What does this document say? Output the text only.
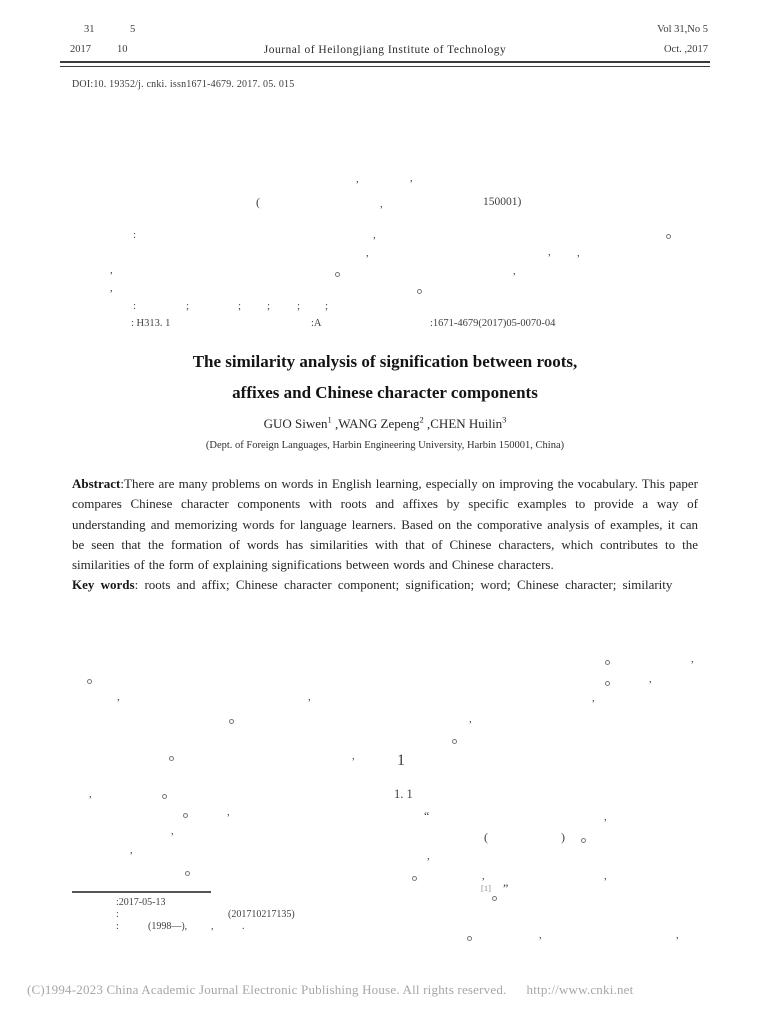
31	5
2017 10	Journal of Heilongjiang Institute of Technology
Vol 31,No 5
Oct. ,2017
DOI:10. 19352/j. cnki. issn1671-4679. 2017. 05. 015
,	,
(	,	150001)
:	,
,	, ,
,	,
,
:	;	; ; ; ;
: H313. 1	:A	:1671-4679(2017)05-0070-04
,	,
,
,
,
,
,
,
,
,
,
1
1. 1
“	,
(	)
,
,	,
[1] ”
,	,
:2017-05-13
:	(201710217135)
:	(1998—), ,	.
The similarity analysis of signification between roots,
affixes and Chinese character components
GUO Siwen$^1$ ,WANG Zepeng$^2$ ,CHEN Huilin$^3$
(Dept. of Foreign Languages, Harbin Engineering University, Harbin 150001, China)

Abstract:There are many problems on words in English learning, especially on improving the vocabulary. This paper compares Chinese character components with roots and affixes by specific examples to provide a way of understanding and memorizing words for language learners. Based on the comporative analysis of examples, it can be seen that the formation of words has similarities with that of Chinese characters, which contributes to the similarities of the form of explaining significations between words and Chinese characters.

Key words: roots and affix; Chinese character component; signification; word; Chinese character; similarity

(C)1994-2023 China Academic Journal Electronic Publishing House. All rights reserved. http://www.cnki.net
